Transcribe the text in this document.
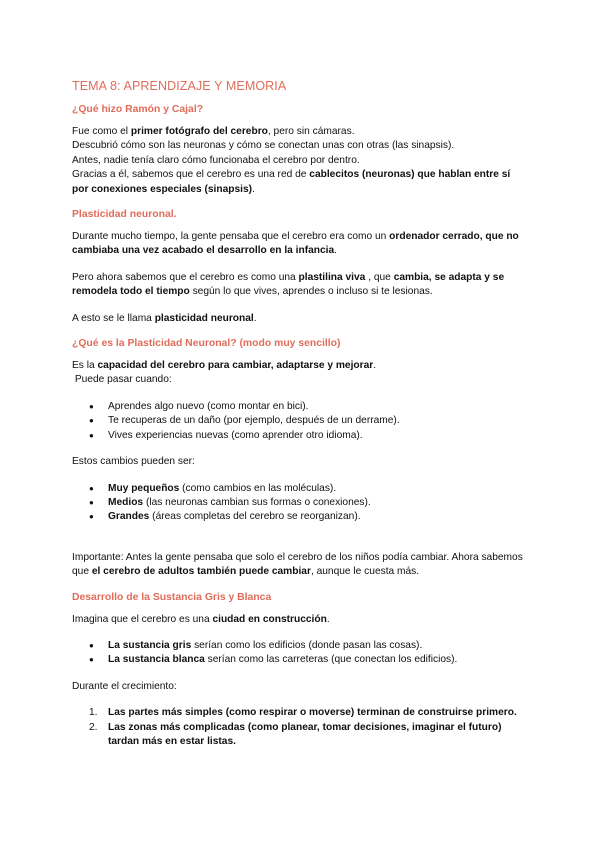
TEMA 8: APRENDIZAJE Y MEMORIA
¿Qué hizo Ramón y Cajal?

Fue como el primer fotógrafo del cerebro, pero sin cámaras.

Descubrió cómo son las neuronas y cómo se conectan unas con otras (las sinapsis).

Antes, nadie tenía claro cómo funcionaba el cerebro por dentro.

Gracias a él, sabemos que el cerebro es una red de cablecitos (neuronas) que hablan entre sí por conexiones especiales (sinapsis).

Plasticidad neuronal.

Durante mucho tiempo, la gente pensaba que el cerebro era como un ordenador cerrado, que no cambiaba una vez acabado el desarrollo en la infancia.

Pero ahora sabemos que el cerebro es como una plastilina viva , que cambia, se adapta y se remodela todo el tiempo según lo que vives, aprendes o incluso si te lesionas.

A esto se le llama plasticidad neuronal.

¿Qué es la Plasticidad Neuronal? (modo muy sencillo)

Es la capacidad del cerebro para cambiar, adaptarse y mejorar.

Puede pasar cuando:

● Aprendes algo nuevo (como montar en bici).
● Te recuperas de un daño (por ejemplo, después de un derrame).
● Vives experiencias nuevas (como aprender otro idioma).

Estos cambios pueden ser:

● Muy pequeños (como cambios en las moléculas).
● Medios (las neuronas cambian sus formas o conexiones).
● Grandes (áreas completas del cerebro se reorganizan).

Importante: Antes la gente pensaba que solo el cerebro de los niños podía cambiar. Ahora sabemos que el cerebro de adultos también puede cambiar, aunque le cuesta más.

Desarrollo de la Sustancia Gris y Blanca

Imagina que el cerebro es una ciudad en construcción.

● La sustancia gris serían como los edificios (donde pasan las cosas).
● La sustancia blanca serían como las carreteras (que conectan los edificios).

Durante el crecimiento:

1. Las partes más simples (como respirar o moverse) terminan de construirse primero.
2. Las zonas más complicadas (como planear, tomar decisiones, imaginar el futuro) tardan más en estar listas.
